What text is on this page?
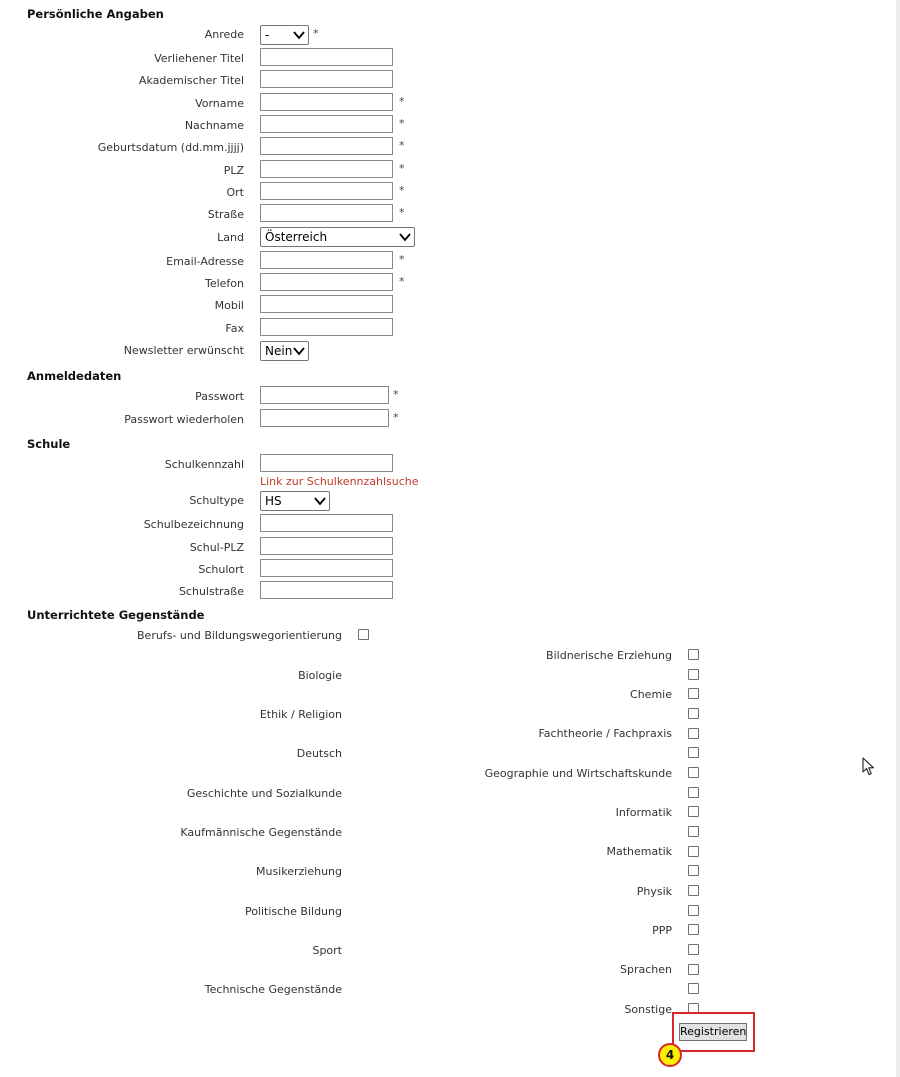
Persönliche Angaben
Anrede	-	*
Verliehener Titel
Akademischer Titel
Vorname	*
Nachname	*
Geburtsdatum (dd.mm.jjjj)	*
PLZ	*
Ort	*
Straße	*
Land	Österreich
Email-Adresse	*
Telefon	*
Mobil
Fax
Newsletter erwünscht	Nein
Anmeldedaten
Passwort	*
Passwort wiederholen	*
Schule
Schulkennzahl
Link zur Schulkennzahlsuche
Schultype	HS
Schulbezeichnung
Schul-PLZ
Schulort
Schulstraße
Unterrichtete Gegenstände
Berufs- und Bildungswegorientierung
Bildnerische Erziehung
Biologie
Chemie
Ethik / Religion
Fachtheorie / Fachpraxis
Deutsch
Geographie und Wirtschaftskunde
Geschichte und Sozialkunde
Informatik
Kaufmännische Gegenstände
Mathematik
Musikerziehung
Physik
Politische Bildung
PPP
Sport
Sprachen
Technische Gegenstände
Sonstige
Registrieren
4
